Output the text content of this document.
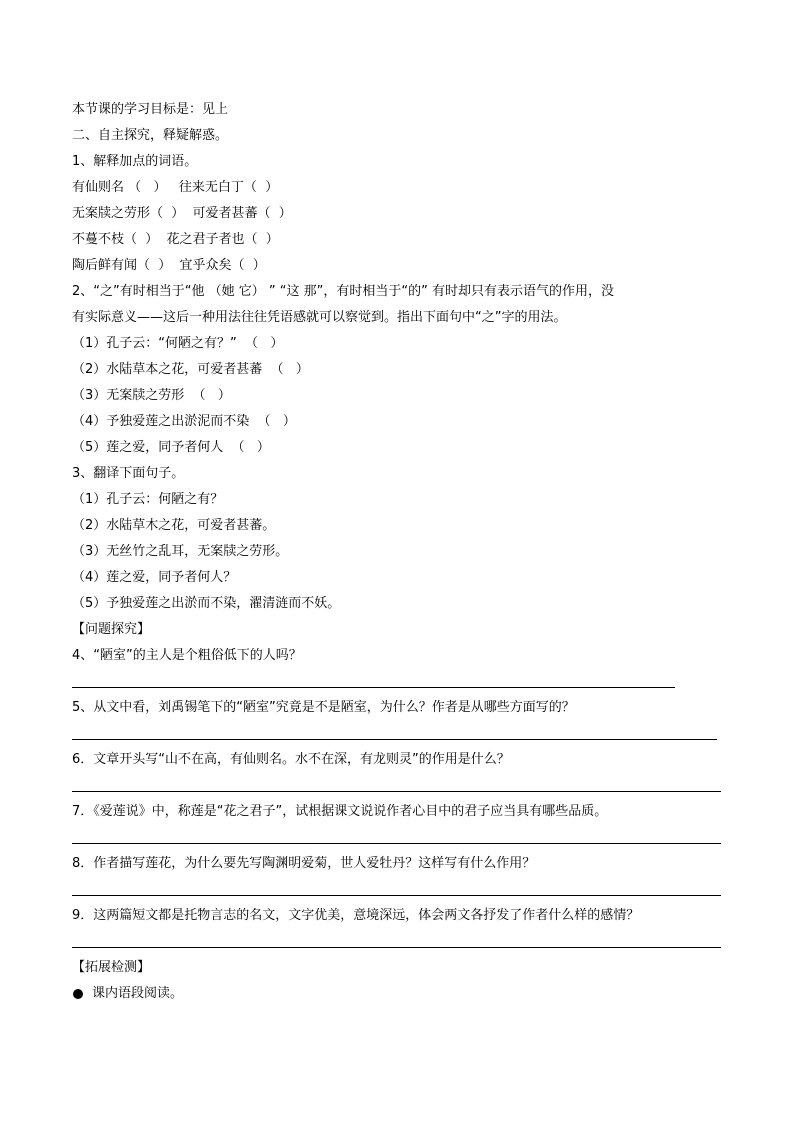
本节课的学习目标是：见上
二、自主探究，释疑解惑。
1、解释加点的词语。
有仙则名 （   ）   往来无白丁（  ）
无案牍之劳形（  ）  可爱者甚蕃（  ）
不蔓不枝（  ）  花之君子者也（  ）
陶后鲜有闻（  ）  宜乎众矣（  ）
2、“之”有时相当于“他 （她 它） ” “这 那”，有时相当于“的” 有时却只有表示语气的作用，没
有实际意义——这后一种用法往往凭语感就可以察觉到。指出下面句中“之”字的用法。
（1）孔子云：“何陋之有？”  （   ）
（2）水陆草本之花，可爱者甚蕃  （   ）
（3）无案牍之劳形  （   ）
（4）予独爱莲之出淤泥而不染  （   ）
（5）莲之爱，同予者何人  （   ）
3、翻译下面句子。
（1）孔子云：何陋之有？
（2）水陆草木之花，可爱者甚蕃。
（3）无丝竹之乱耳，无案牍之劳形。
（4）莲之爱，同予者何人？
（5）予独爱莲之出淤而不染，濯清涟而不妖。
【问题探究】
4、“陋室”的主人是个粗俗低下的人吗？
5、从文中看，刘禹锡笔下的“陋室”究竟是不是陋室，为什么？作者是从哪些方面写的？
6．文章开头写“山不在高，有仙则名。水不在深，有龙则灵”的作用是什么？
7．《爱莲说》中，称莲是“花之君子”，试根据课文说说作者心目中的君子应当具有哪些品质。
8．作者描写莲花，为什么要先写陶渊明爱菊，世人爱牡丹？这样写有什么作用？
9．这两篇短文都是托物言志的名文，文字优美，意境深远，体会两文各抒发了作者什么样的感情？
【拓展检测】
课内语段阅读。
